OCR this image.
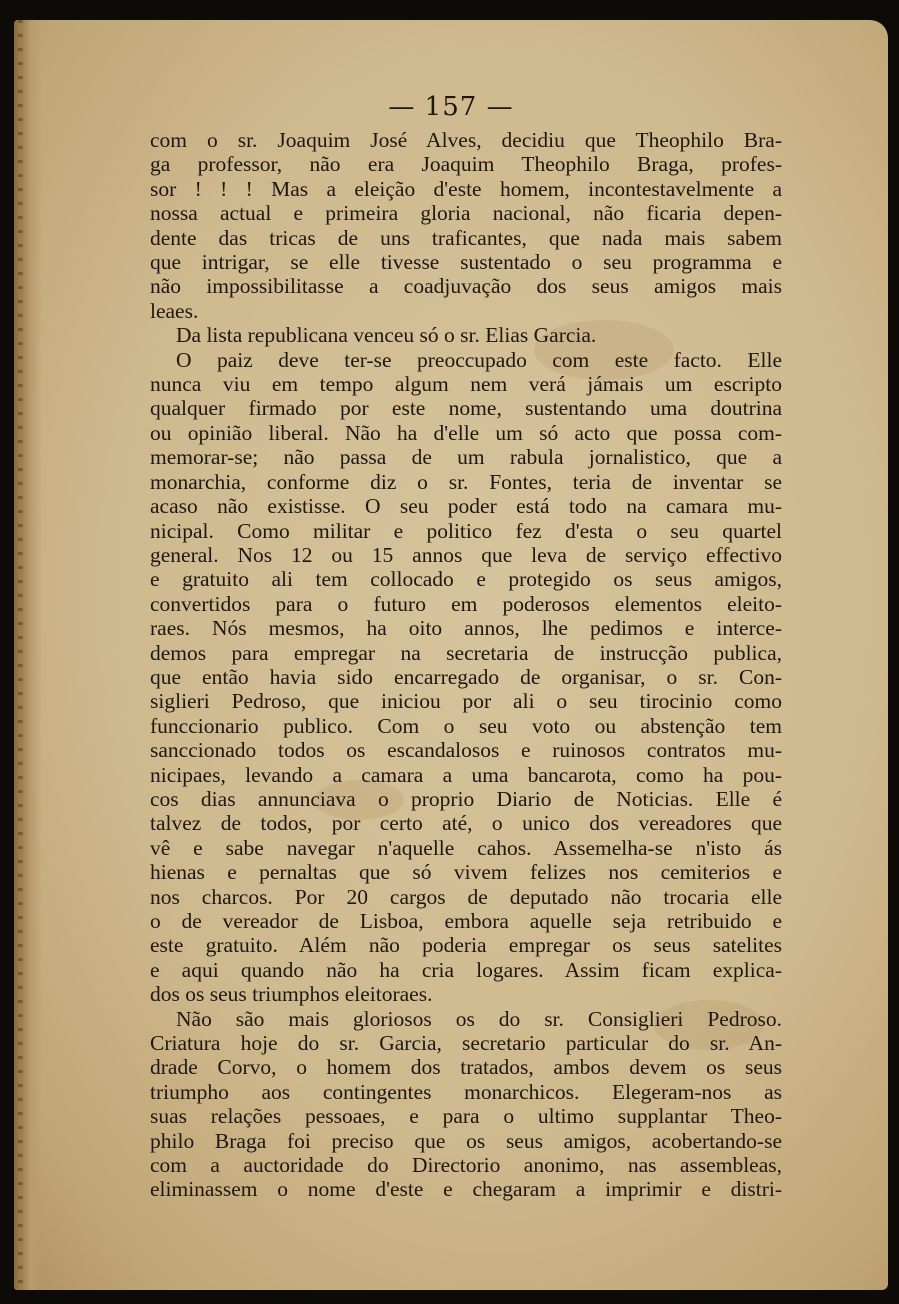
— 157 —
com o sr. Joaquim José Alves, decidiu que Theophilo Bra-
ga professor, não era Joaquim Theophilo Braga, profes-
sor ! ! ! Mas a eleição d'este homem, incontestavelmente a
nossa actual e primeira gloria nacional, não ficaria depen-
dente das tricas de uns traficantes, que nada mais sabem
que intrigar, se elle tivesse sustentado o seu programma e
não impossibilitasse a coadjuvação dos seus amigos mais
leaes.
Da lista republicana venceu só o sr. Elias Garcia.
O paiz deve ter-se preoccupado com este facto. Elle
nunca viu em tempo algum nem verá jámais um escripto
qualquer firmado por este nome, sustentando uma doutrina
ou opinião liberal. Não ha d'elle um só acto que possa com-
memorar-se; não passa de um rabula jornalistico, que a
monarchia, conforme diz o sr. Fontes, teria de inventar se
acaso não existisse. O seu poder está todo na camara mu-
nicipal. Como militar e politico fez d'esta o seu quartel
general. Nos 12 ou 15 annos que leva de serviço effectivo
e gratuito ali tem collocado e protegido os seus amigos,
convertidos para o futuro em poderosos elementos eleito-
raes. Nós mesmos, ha oito annos, lhe pedimos e interce-
demos para empregar na secretaria de instrucção publica,
que então havia sido encarregado de organisar, o sr. Con-
siglieri Pedroso, que iniciou por ali o seu tirocinio como
funccionario publico. Com o seu voto ou abstenção tem
sanccionado todos os escandalosos e ruinosos contratos mu-
nicipaes, levando a camara a uma bancarota, como ha pou-
cos dias annunciava o proprio Diario de Noticias. Elle é
talvez de todos, por certo até, o unico dos vereadores que
vê e sabe navegar n'aquelle cahos. Assemelha-se n'isto ás
hienas e pernaltas que só vivem felizes nos cemiterios e
nos charcos. Por 20 cargos de deputado não trocaria elle
o de vereador de Lisboa, embora aquelle seja retribuido e
este gratuito. Além não poderia empregar os seus satelites
e aqui quando não ha cria logares. Assim ficam explica-
dos os seus triumphos eleitoraes.
Não são mais gloriosos os do sr. Consiglieri Pedroso.
Criatura hoje do sr. Garcia, secretario particular do sr. An-
drade Corvo, o homem dos tratados, ambos devem os seus
triumpho aos contingentes monarchicos. Elegeram-nos as
suas relações pessoaes, e para o ultimo supplantar Theo-
philo Braga foi preciso que os seus amigos, acobertando-se
com a auctoridade do Directorio anonimo, nas assembleas,
eliminassem o nome d'este e chegaram a imprimir e distri-
